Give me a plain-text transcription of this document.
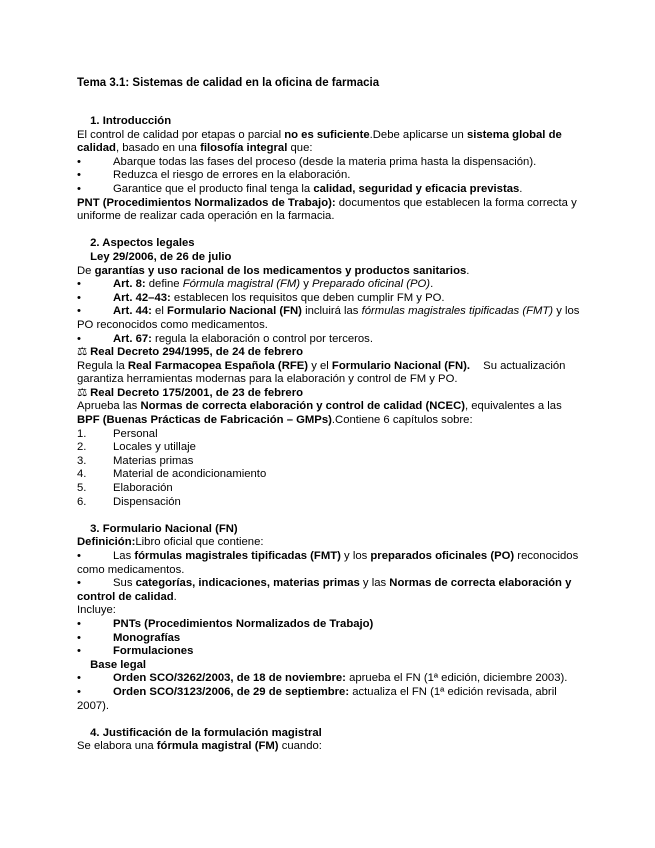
Tema 3.1: Sistemas de calidad en la oficina de farmacia
1. Introducción
El control de calidad por etapas o parcial no es suficiente.Debe aplicarse un sistema global de calidad, basado en una filosofía integral que:
•	Abarque todas las fases del proceso (desde la materia prima hasta la dispensación).
•	Reduzca el riesgo de errores en la elaboración.
•	Garantice que el producto final tenga la calidad, seguridad y eficacia previstas.
PNT (Procedimientos Normalizados de Trabajo): documentos que establecen la forma correcta y uniforme de realizar cada operación en la farmacia.
2. Aspectos legales
Ley 29/2006, de 26 de julio
De garantías y uso racional de los medicamentos y productos sanitarios.
•	Art. 8: define Fórmula magistral (FM) y Preparado oficinal (PO).
•	Art. 42–43: establecen los requisitos que deben cumplir FM y PO.
•	Art. 44: el Formulario Nacional (FN) incluirá las fórmulas magistrales tipificadas (FMT) y los PO reconocidos como medicamentos.
•	Art. 67: regula la elaboración o control por terceros.
⚖ Real Decreto 294/1995, de 24 de febrero
Regula la Real Farmacopea Española (RFE) y el Formulario Nacional (FN). Su actualización garantiza herramientas modernas para la elaboración y control de FM y PO.
⚖ Real Decreto 175/2001, de 23 de febrero
Aprueba las Normas de correcta elaboración y control de calidad (NCEC), equivalentes a las BPF (Buenas Prácticas de Fabricación – GMPs).Contiene 6 capítulos sobre:
1. Personal
2. Locales y utillaje
3. Materias primas
4. Material de acondicionamiento
5. Elaboración
6. Dispensación
3. Formulario Nacional (FN)
Definición:Libro oficial que contiene:
•	Las fórmulas magistrales tipificadas (FMT) y los preparados oficinales (PO) reconocidos como medicamentos.
•	Sus categorías, indicaciones, materias primas y las Normas de correcta elaboración y control de calidad.
Incluye:
•	PNTs (Procedimientos Normalizados de Trabajo)
•	Monografías
•	Formulaciones
Base legal
•	Orden SCO/3262/2003, de 18 de noviembre: aprueba el FN (1ª edición, diciembre 2003).
•	Orden SCO/3123/2006, de 29 de septiembre: actualiza el FN (1ª edición revisada, abril 2007).
4. Justificación de la formulación magistral
Se elabora una fórmula magistral (FM) cuando:
